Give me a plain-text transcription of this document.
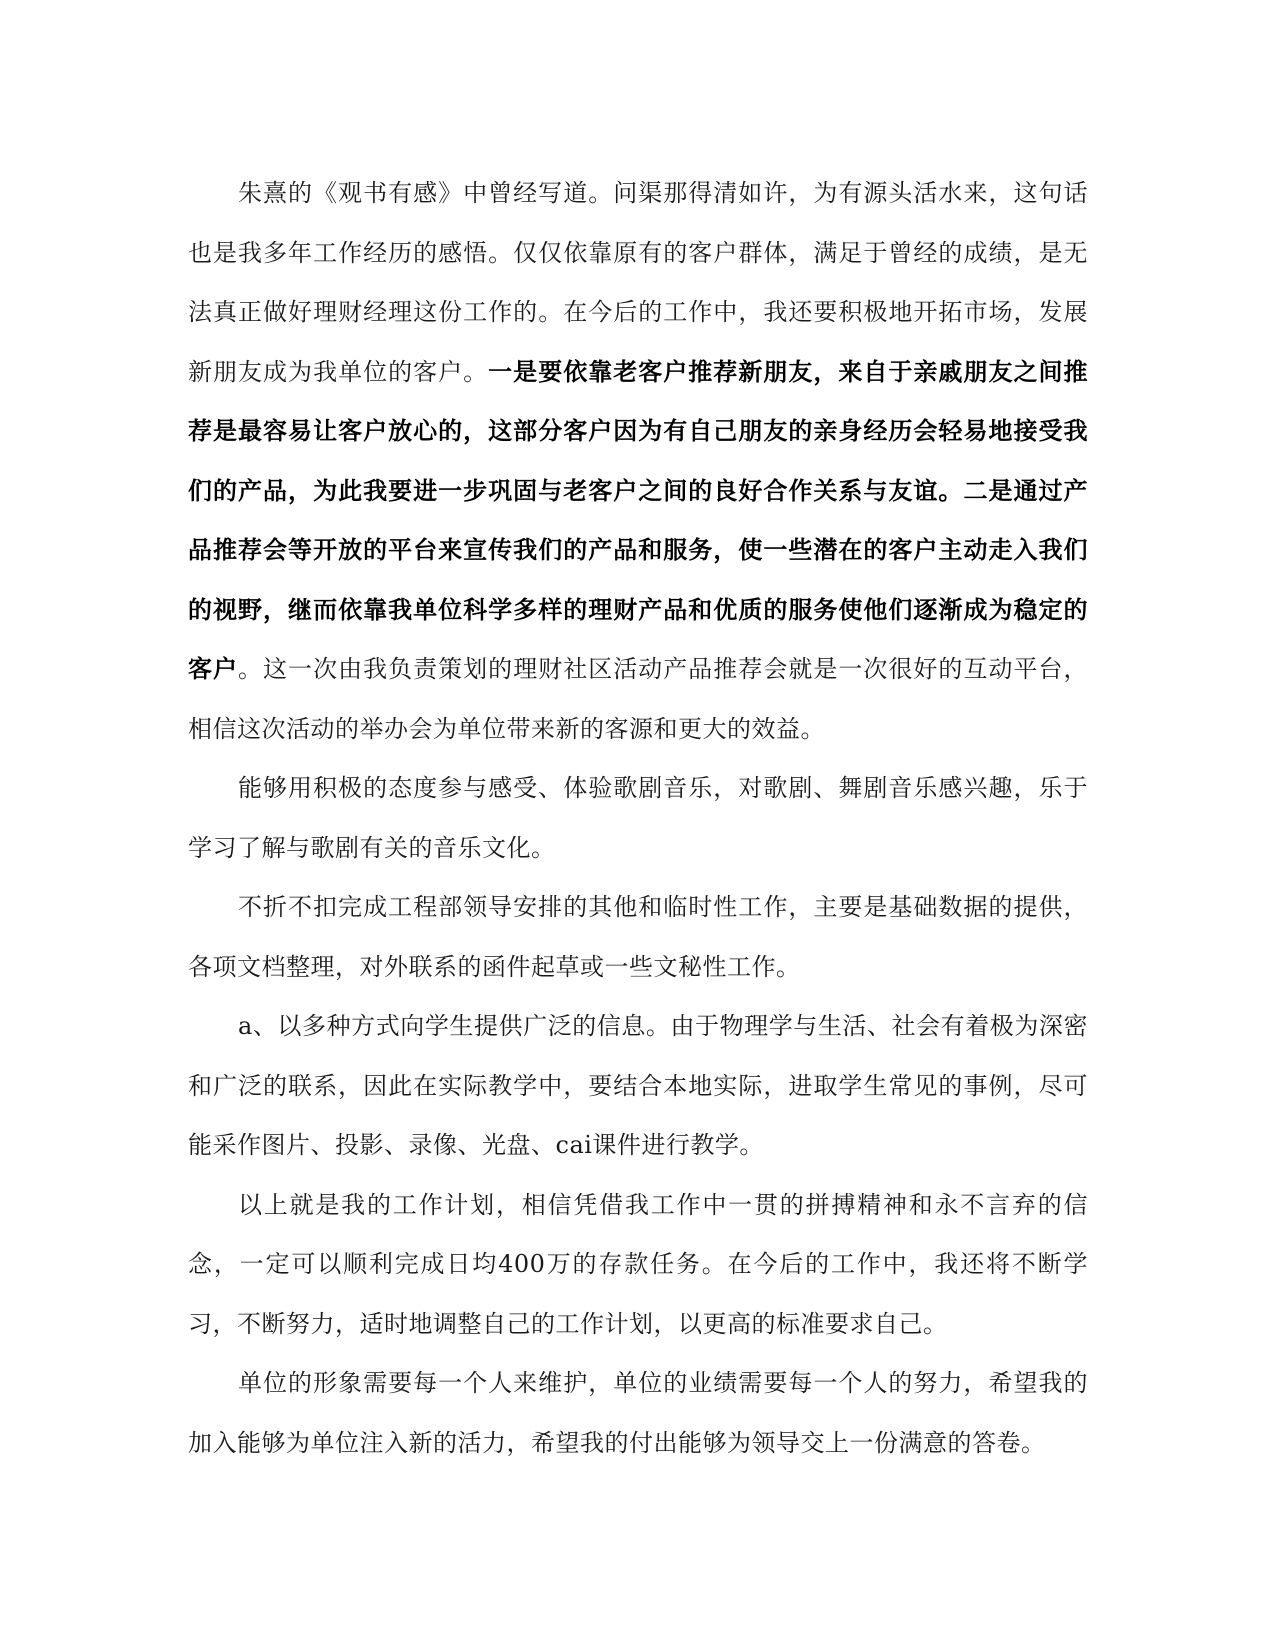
朱熹的《观书有感》中曾经写道。问渠那得清如许，为有源头活水来，这句话也是我多年工作经历的感悟。仅仅依靠原有的客户群体，满足于曾经的成绩，是无法真正做好理财经理这份工作的。在今后的工作中，我还要积极地开拓市场，发展新朋友成为我单位的客户。一是要依靠老客户推荐新朋友，来自于亲戚朋友之间推荐是最容易让客户放心的，这部分客户因为有自己朋友的亲身经历会轻易地接受我们的产品，为此我要进一步巩固与老客户之间的良好合作关系与友谊。二是通过产品推荐会等开放的平台来宣传我们的产品和服务，使一些潜在的客户主动走入我们的视野，继而依靠我单位科学多样的理财产品和优质的服务使他们逐渐成为稳定的客户。这一次由我负责策划的理财社区活动产品推荐会就是一次很好的互动平台，相信这次活动的举办会为单位带来新的客源和更大的效益。

能够用积极的态度参与感受、体验歌剧音乐，对歌剧、舞剧音乐感兴趣，乐于学习了解与歌剧有关的音乐文化。

不折不扣完成工程部领导安排的其他和临时性工作，主要是基础数据的提供，各项文档整理，对外联系的函件起草或一些文秘性工作。

a、以多种方式向学生提供广泛的信息。由于物理学与生活、社会有着极为深密和广泛的联系，因此在实际教学中，要结合本地实际，进取学生常见的事例，尽可能采作图片、投影、录像、光盘、cai课件进行教学。

以上就是我的工作计划，相信凭借我工作中一贯的拼搏精神和永不言弃的信念，一定可以顺利完成日均400万的存款任务。在今后的工作中，我还将不断学习，不断努力，适时地调整自己的工作计划，以更高的标准要求自己。

单位的形象需要每一个人来维护，单位的业绩需要每一个人的努力，希望我的加入能够为单位注入新的活力，希望我的付出能够为领导交上一份满意的答卷。
